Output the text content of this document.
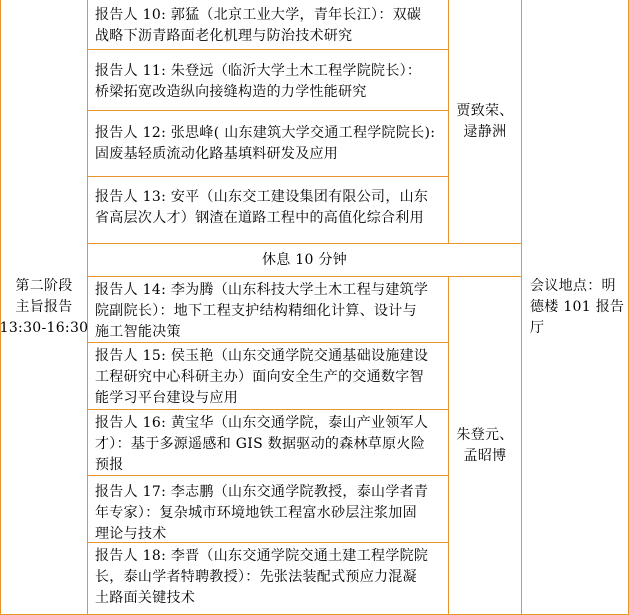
第二阶段
主旨报告
13:30-16:30
报告人 10: 郭猛（北京工业大学，青年长江）：双碳
战略下沥青路面老化机理与防治技术研究
报告人 11: 朱登远（临沂大学土木工程学院院长）：
桥梁拓宽改造纵向接缝构造的力学性能研究
报告人 12: 张思峰( 山东建筑大学交通工程学院院长):
固废基轻质流动化路基填料研发及应用
报告人 13: 安平（山东交工建设集团有限公司，山东
省高层次人才）钢渣在道路工程中的高值化综合利用
贾致荣、
逯静洲
休息 10 分钟
报告人 14: 李为腾（山东科技大学土木工程与建筑学
院副院长）：地下工程支护结构精细化计算、设计与
施工智能决策
报告人 15: 侯玉艳（山东交通学院交通基础设施建设
工程研究中心科研主办）面向安全生产的交通数字智
能学习平台建设与应用
报告人 16: 黄宝华（山东交通学院，泰山产业领军人
才）：基于多源遥感和 GIS 数据驱动的森林草原火险
预报
报告人 17: 李志鹏（山东交通学院教授，泰山学者青
年专家）：复杂城市环境地铁工程富水砂层注浆加固
理论与技术
报告人 18: 李晋（山东交通学院交通土建工程学院院
长，泰山学者特聘教授）：先张法装配式预应力混凝
土路面关键技术
朱登元、
孟昭博
会议地点：明
德楼 101 报告
厅
